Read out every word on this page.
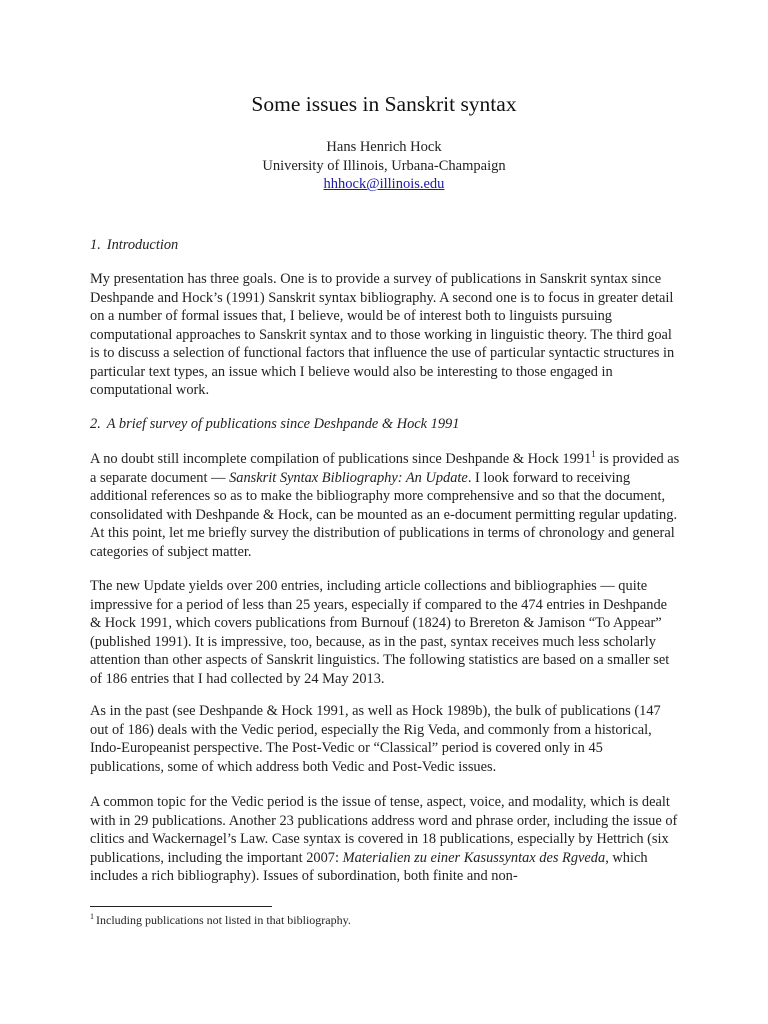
Some issues in Sanskrit syntax
Hans Henrich Hock
University of Illinois, Urbana-Champaign
hhhock@illinois.edu
1. Introduction

My presentation has three goals. One is to provide a survey of publications in Sanskrit syntax since Deshpande and Hock’s (1991) Sanskrit syntax bibliography. A second one is to focus in greater detail on a number of formal issues that, I believe, would be of interest both to linguists pursuing computational approaches to Sanskrit syntax and to those working in linguistic theory. The third goal is to discuss a selection of functional factors that influence the use of particular syntactic structures in particular text types, an issue which I believe would also be interesting to those engaged in computational work.

2. A brief survey of publications since Deshpande & Hock 1991

A no doubt still incomplete compilation of publications since Deshpande & Hock 1991$^1$ is provided as a separate document — Sanskrit Syntax Bibliography: An Update. I look forward to receiving additional references so as to make the bibliography more comprehensive and so that the document, consolidated with Deshpande & Hock, can be mounted as an e-document permitting regular updating. At this point, let me briefly survey the distribution of publications in terms of chronology and general categories of subject matter.

The new Update yields over 200 entries, including article collections and bibliographies — quite impressive for a period of less than 25 years, especially if compared to the 474 entries in Deshpande & Hock 1991, which covers publications from Burnouf (1824) to Brereton & Jamison “To Appear” (published 1991). It is impressive, too, because, as in the past, syntax receives much less scholarly attention than other aspects of Sanskrit linguistics. The following statistics are based on a smaller set of 186 entries that I had collected by 24 May 2013.

As in the past (see Deshpande & Hock 1991, as well as Hock 1989b), the bulk of publications (147 out of 186) deals with the Vedic period, especially the Rig Veda, and commonly from a historical, Indo-Europeanist perspective. The Post-Vedic or “Classical” period is covered only in 45 publications, some of which address both Vedic and Post-Vedic issues.

A common topic for the Vedic period is the issue of tense, aspect, voice, and modality, which is dealt with in 29 publications. Another 23 publications address word and phrase order, including the issue of clitics and Wackernagel’s Law. Case syntax is covered in 18 publications, especially by Hettrich (six publications, including the important 2007: Materialien zu einer Kasussyntax des Rgveda, which includes a rich bibliography). Issues of subordination, both finite and non-

$^1$ Including publications not listed in that bibliography.
